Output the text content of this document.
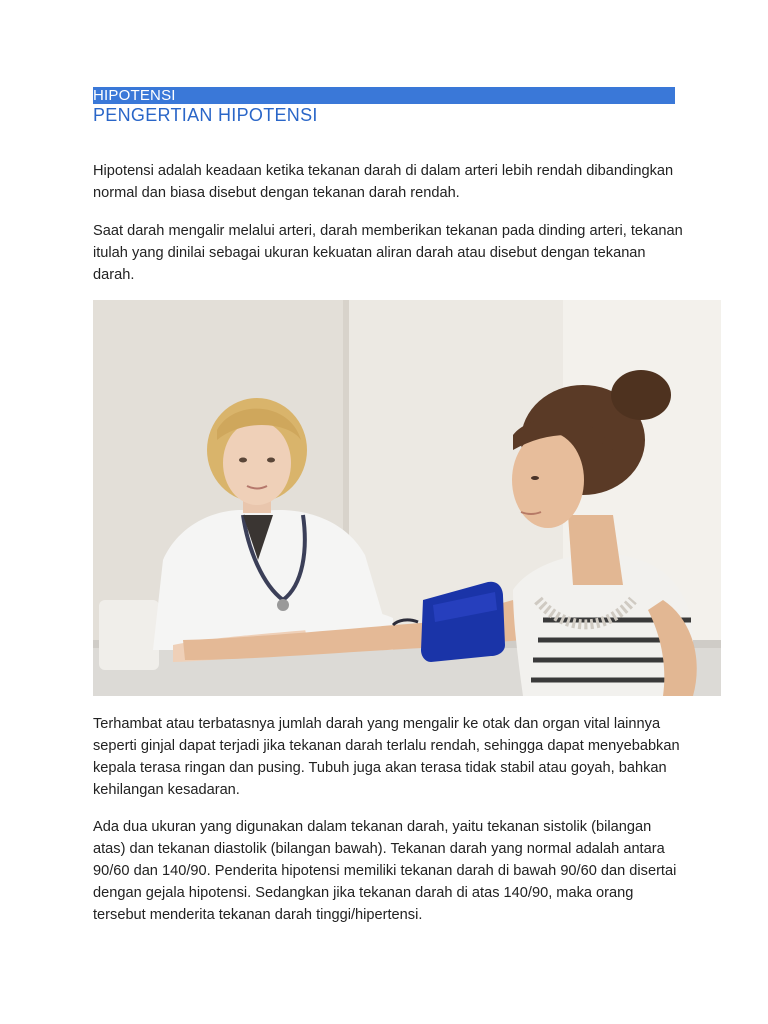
HIPOTENSI
PENGERTIAN HIPOTENSI

Hipotensi adalah keadaan ketika tekanan darah di dalam arteri lebih rendah dibandingkan normal dan biasa disebut dengan tekanan darah rendah.

Saat darah mengalir melalui arteri, darah memberikan tekanan pada dinding arteri, tekanan itulah yang dinilai sebagai ukuran kekuatan aliran darah atau disebut dengan tekanan darah.

Terhambat atau terbatasnya jumlah darah yang mengalir ke otak dan organ vital lainnya seperti ginjal dapat terjadi jika tekanan darah terlalu rendah, sehingga dapat menyebabkan kepala terasa ringan dan pusing. Tubuh juga akan terasa tidak stabil atau goyah, bahkan kehilangan kesadaran.

Ada dua ukuran yang digunakan dalam tekanan darah, yaitu tekanan sistolik (bilangan atas) dan tekanan diastolik (bilangan bawah). Tekanan darah yang normal adalah antara 90/60 dan 140/90. Penderita hipotensi memiliki tekanan darah di bawah 90/60 dan disertai dengan gejala hipotensi. Sedangkan jika tekanan darah di atas 140/90, maka orang tersebut menderita tekanan darah tinggi/hipertensi.
